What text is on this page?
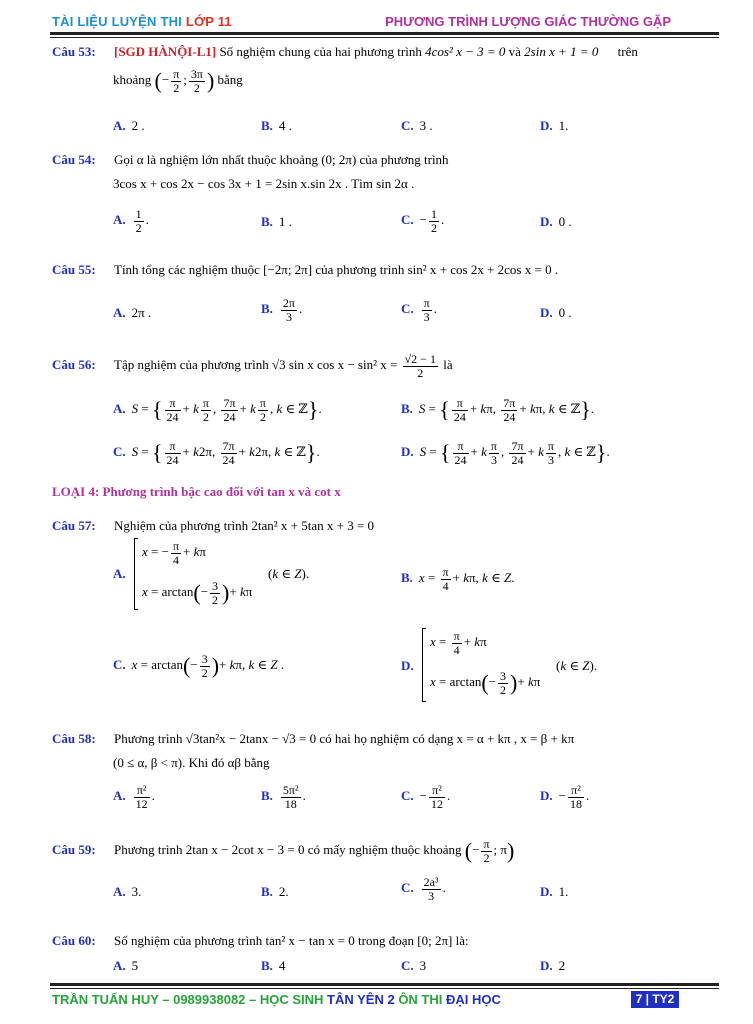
TÀI LIỆU LUYỆN THI LỚP 11	PHƯƠNG TRÌNH LƯỢNG GIÁC THƯỜNG GẶP
Câu 53: [SGD HÀNỘI-L1] Số nghiệm chung của hai phương trình 4cos² x − 3 = 0 và 2sin x + 1 = 0 trên
khoảng (− $\frac{\pi}{2}$ ; $\frac{3\pi}{2}$ ) bằng
A. 2 .	B. 4 .	C. 3 .	D. 1.
Câu 54: Gọi α là nghiệm lớn nhất thuộc khoảng (0; 2π) của phương trình
3cos x + cos 2x − cos 3x + 1 = 2sin x.sin 2x . Tìm sin 2α .
A. $\frac{1}{2}$ .	B. 1 .	C. − $\frac{1}{2}$ .	D. 0 .
Câu 55: Tính tổng các nghiệm thuộc [−2π; 2π] của phương trình sin² x + cos 2x + 2cos x = 0 .
A. 2π .	B. $\frac{2\pi}{3}$ .	C. $\frac{\pi}{3}$ .	D. 0 .
Câu 56: Tập nghiệm của phương trình √3 sin x cos x − sin² $x = \frac{√2 - 1}{2}$ là
A. S = { $\frac{\pi}{24} + k \frac{\pi}{2}$ , $\frac{7\pi}{24} + k \frac{\pi}{2}$ , k ∈ ℤ}.	B. S = { $\frac{\pi}{24} + k\pi$, $\frac{7\pi}{24} + k\pi$, k ∈ ℤ}.
C. S = { $\frac{\pi}{24} + k2\pi$, $\frac{7\pi}{24} + k2\pi$, k ∈ ℤ}.	D. S = { $\frac{\pi}{24} + k \frac{\pi}{3}$ , $\frac{7\pi}{24} + k \frac{\pi}{3}$ , k ∈ ℤ}.
LOẠI 4: Phương trình bậc cao đối với tan x và cot x
Câu 57: Nghiệm của phương trình 2tan² x + 5tan x + 3 = 0
A.
x = − $\frac{\pi}{4} + k\pi$
$x = \arctan(- \frac{3}{2}$ )+ kπ
(k ∈ Z).	B. $x = \frac{\pi}{4} + k\pi$, k ∈ Z.
C. $x = \arctan(- \frac{3}{2}$ )+ kπ, k ∈ Z .	D.
$x = \frac{\pi}{4} + k\pi$
$x = \arctan(- \frac{3}{2}$ )+ kπ
(k ∈ Z).
Câu 58: Phương trình √3tan²x − 2tanx − √3 = 0 có hai họ nghiệm có dạng x = α + kπ , x = β + kπ
(0 ≤ α, β < π). Khi đó αβ bằng
A. $\frac{\text{π²}}{12}$ .	B. $\frac{\text{5π²}}{18}$ .	C. − $\frac{\text{π²}}{12}$ .	D. − $\frac{\text{π²}}{18}$ .
Câu 59: Phương trình 2tan x − 2cot x − 3 = 0 có mấy nghiệm thuộc khoảng (− $\frac{\pi}{2}$ ; π)
A. 3.	B. 2.	C. $\frac{\text{2a³}}{3}$ .	D. 1.
Câu 60: Số nghiệm của phương trình tan² x − tan x = 0 trong đoạn [0; 2π] là:
A. 5	B. 4	C. 3	D. 2
TRẦN TUẤN HUY – 0989938082 – HỌC SINH TÂN YÊN 2 ÔN THI ĐẠI HỌC	7 | TY2
